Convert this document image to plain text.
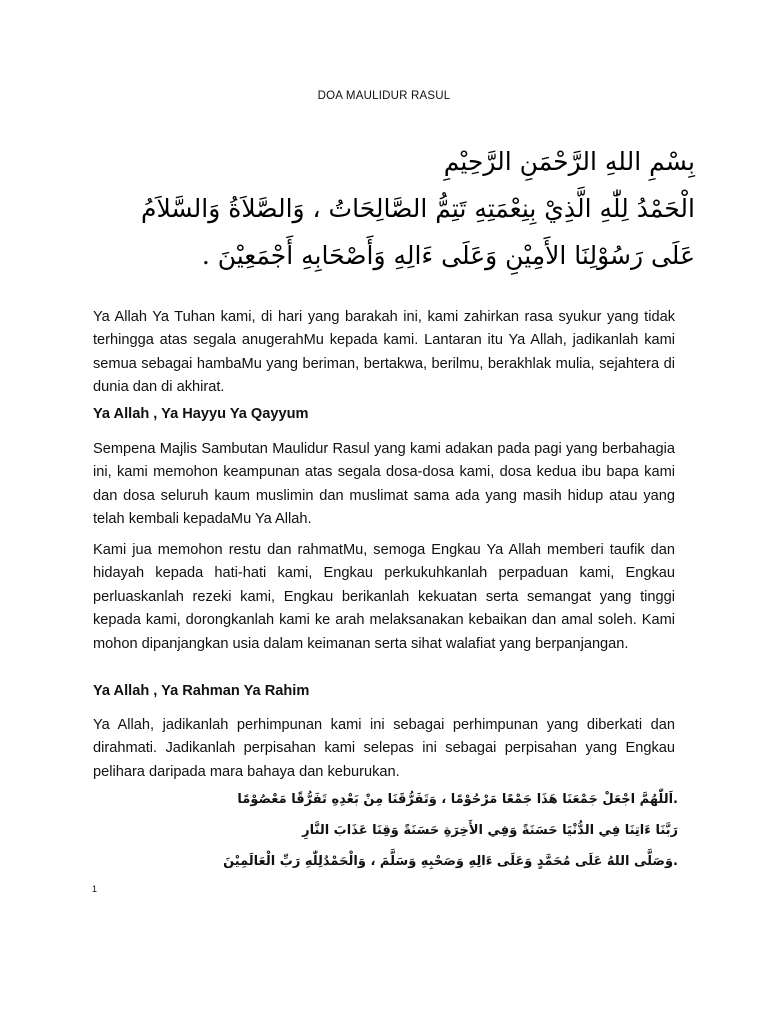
DOA MAULIDUR RASUL
بِسْمِ اللهِ الرَّحْمَنِ الرَّحِيْمِ
الْحَمْدُ لِلّٰهِ الَّذِيْ بِنِعْمَتِهِ تَتِمُّ الصَّالِحَاتُ ، وَالصَّلاَةُ وَالسَّلاَمُ
عَلَى رَسُوْلِنَا الأَمِيْنِ وَعَلَى ءَالِهِ وَأَصْحَابِهِ أَجْمَعِيْنَ .

Ya Allah Ya Tuhan kami, di hari yang barakah ini, kami zahirkan rasa syukur yang tidak terhingga atas segala anugerahMu kepada kami. Lantaran itu Ya Allah, jadikanlah kami semua sebagai hambaMu yang beriman, bertakwa, berilmu, berakhlak mulia, sejahtera di dunia dan di akhirat.

Ya Allah , Ya Hayyu Ya Qayyum

Sempena Majlis Sambutan Maulidur Rasul yang kami adakan pada pagi yang berbahagia ini, kami memohon keampunan atas segala dosa-dosa kami, dosa kedua ibu bapa kami dan dosa seluruh kaum muslimin dan muslimat sama ada yang masih hidup atau yang telah kembali kepadaMu Ya Allah.

Kami jua memohon restu dan rahmatMu, semoga Engkau Ya Allah memberi taufik dan hidayah kepada hati-hati kami, Engkau perkukuhkanlah perpaduan kami, Engkau perluaskanlah rezeki kami, Engkau berikanlah kekuatan serta semangat yang tinggi kepada kami, dorongkanlah kami ke arah melaksanakan kebaikan dan amal soleh. Kami mohon dipanjangkan usia dalam keimanan serta sihat walafiat yang berpanjangan.

Ya Allah , Ya Rahman Ya Rahim

Ya Allah, jadikanlah perhimpunan kami ini sebagai perhimpunan yang diberkati dan dirahmati. Jadikanlah perpisahan kami selepas ini sebagai perpisahan yang Engkau pelihara daripada mara bahaya dan keburukan.

.اَللّٰهُمَّ اجْعَلْ جَمْعَنَا هَذَا جَمْعًا مَرْحُوْمًا ، وَتَفَرُّقَنَا مِنْ بَعْدِهِ تَفَرُّقًا مَعْصُوْمًا
رَبَّنَا ءَاتِنَا فِي الدُّنْيَا حَسَنَةً وَفِي الأَخِرَةِ حَسَنَةً وَقِنَا عَذَابَ النَّارِ
.وَصَلَّى اللهُ عَلَى مُحَمَّدٍ وَعَلَى ءَالِهِ وَصَحْبِهِ وَسَلَّمَ ، وَالْحَمْدُلِلّٰهِ رَبِّ الْعَالَمِيْنَ
1
